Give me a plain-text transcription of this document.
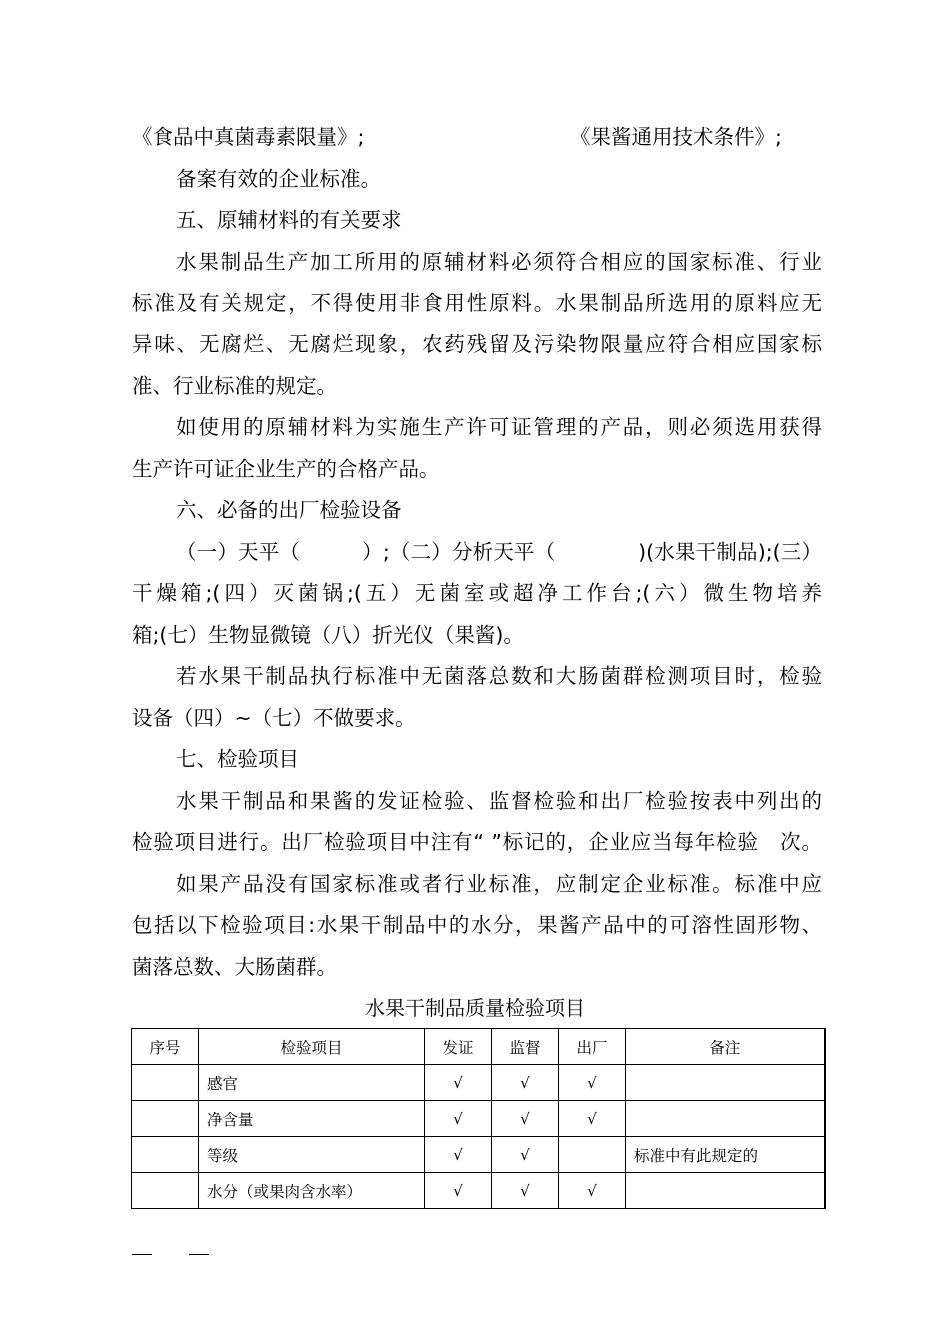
《食品中真菌毒素限量》;	《果酱通用技术条件》;
备案有效的企业标准。
五、原辅材料的有关要求
水果制品生产加工所用的原辅材料必须符合相应的国家标准、行业
标准及有关规定，不得使用非食用性原料。水果制品所选用的原料应无
异味、无腐烂、无腐烂现象，农药残留及污染物限量应符合相应国家标
准、行业标准的规定。
如使用的原辅材料为实施生产许可证管理的产品，则必须选用获得
生产许可证企业生产的合格产品。
六、必备的出厂检验设备
（一）天平（　　　）;（二）分析天平（　　　　)(水果干制品);(三）
干燥箱;(四）灭菌锅;(五）无菌室或超净工作台;(六）微生物培养
箱;(七）生物显微镜（八）折光仪（果酱)。
若水果干制品执行标准中无菌落总数和大肠菌群检测项目时，检验
设备（四）~（七）不做要求。
七、检验项目
水果干制品和果酱的发证检验、监督检验和出厂检验按表中列出的
检验项目进行。出厂检验项目中注有“ ”标记的，企业应当每年检验　次。
如果产品没有国家标准或者行业标准，应制定企业标准。标准中应
包括以下检验项目:水果干制品中的水分，果酱产品中的可溶性固形物、
菌落总数、大肠菌群。
水果干制品质量检验项目
序号	检验项目	发证	监督	出厂	备注
	感官	√	√	√	
	净含量	√	√	√	
	等级	√	√		标准中有此规定的
	水分（或果肉含水率）	√	√	√	
